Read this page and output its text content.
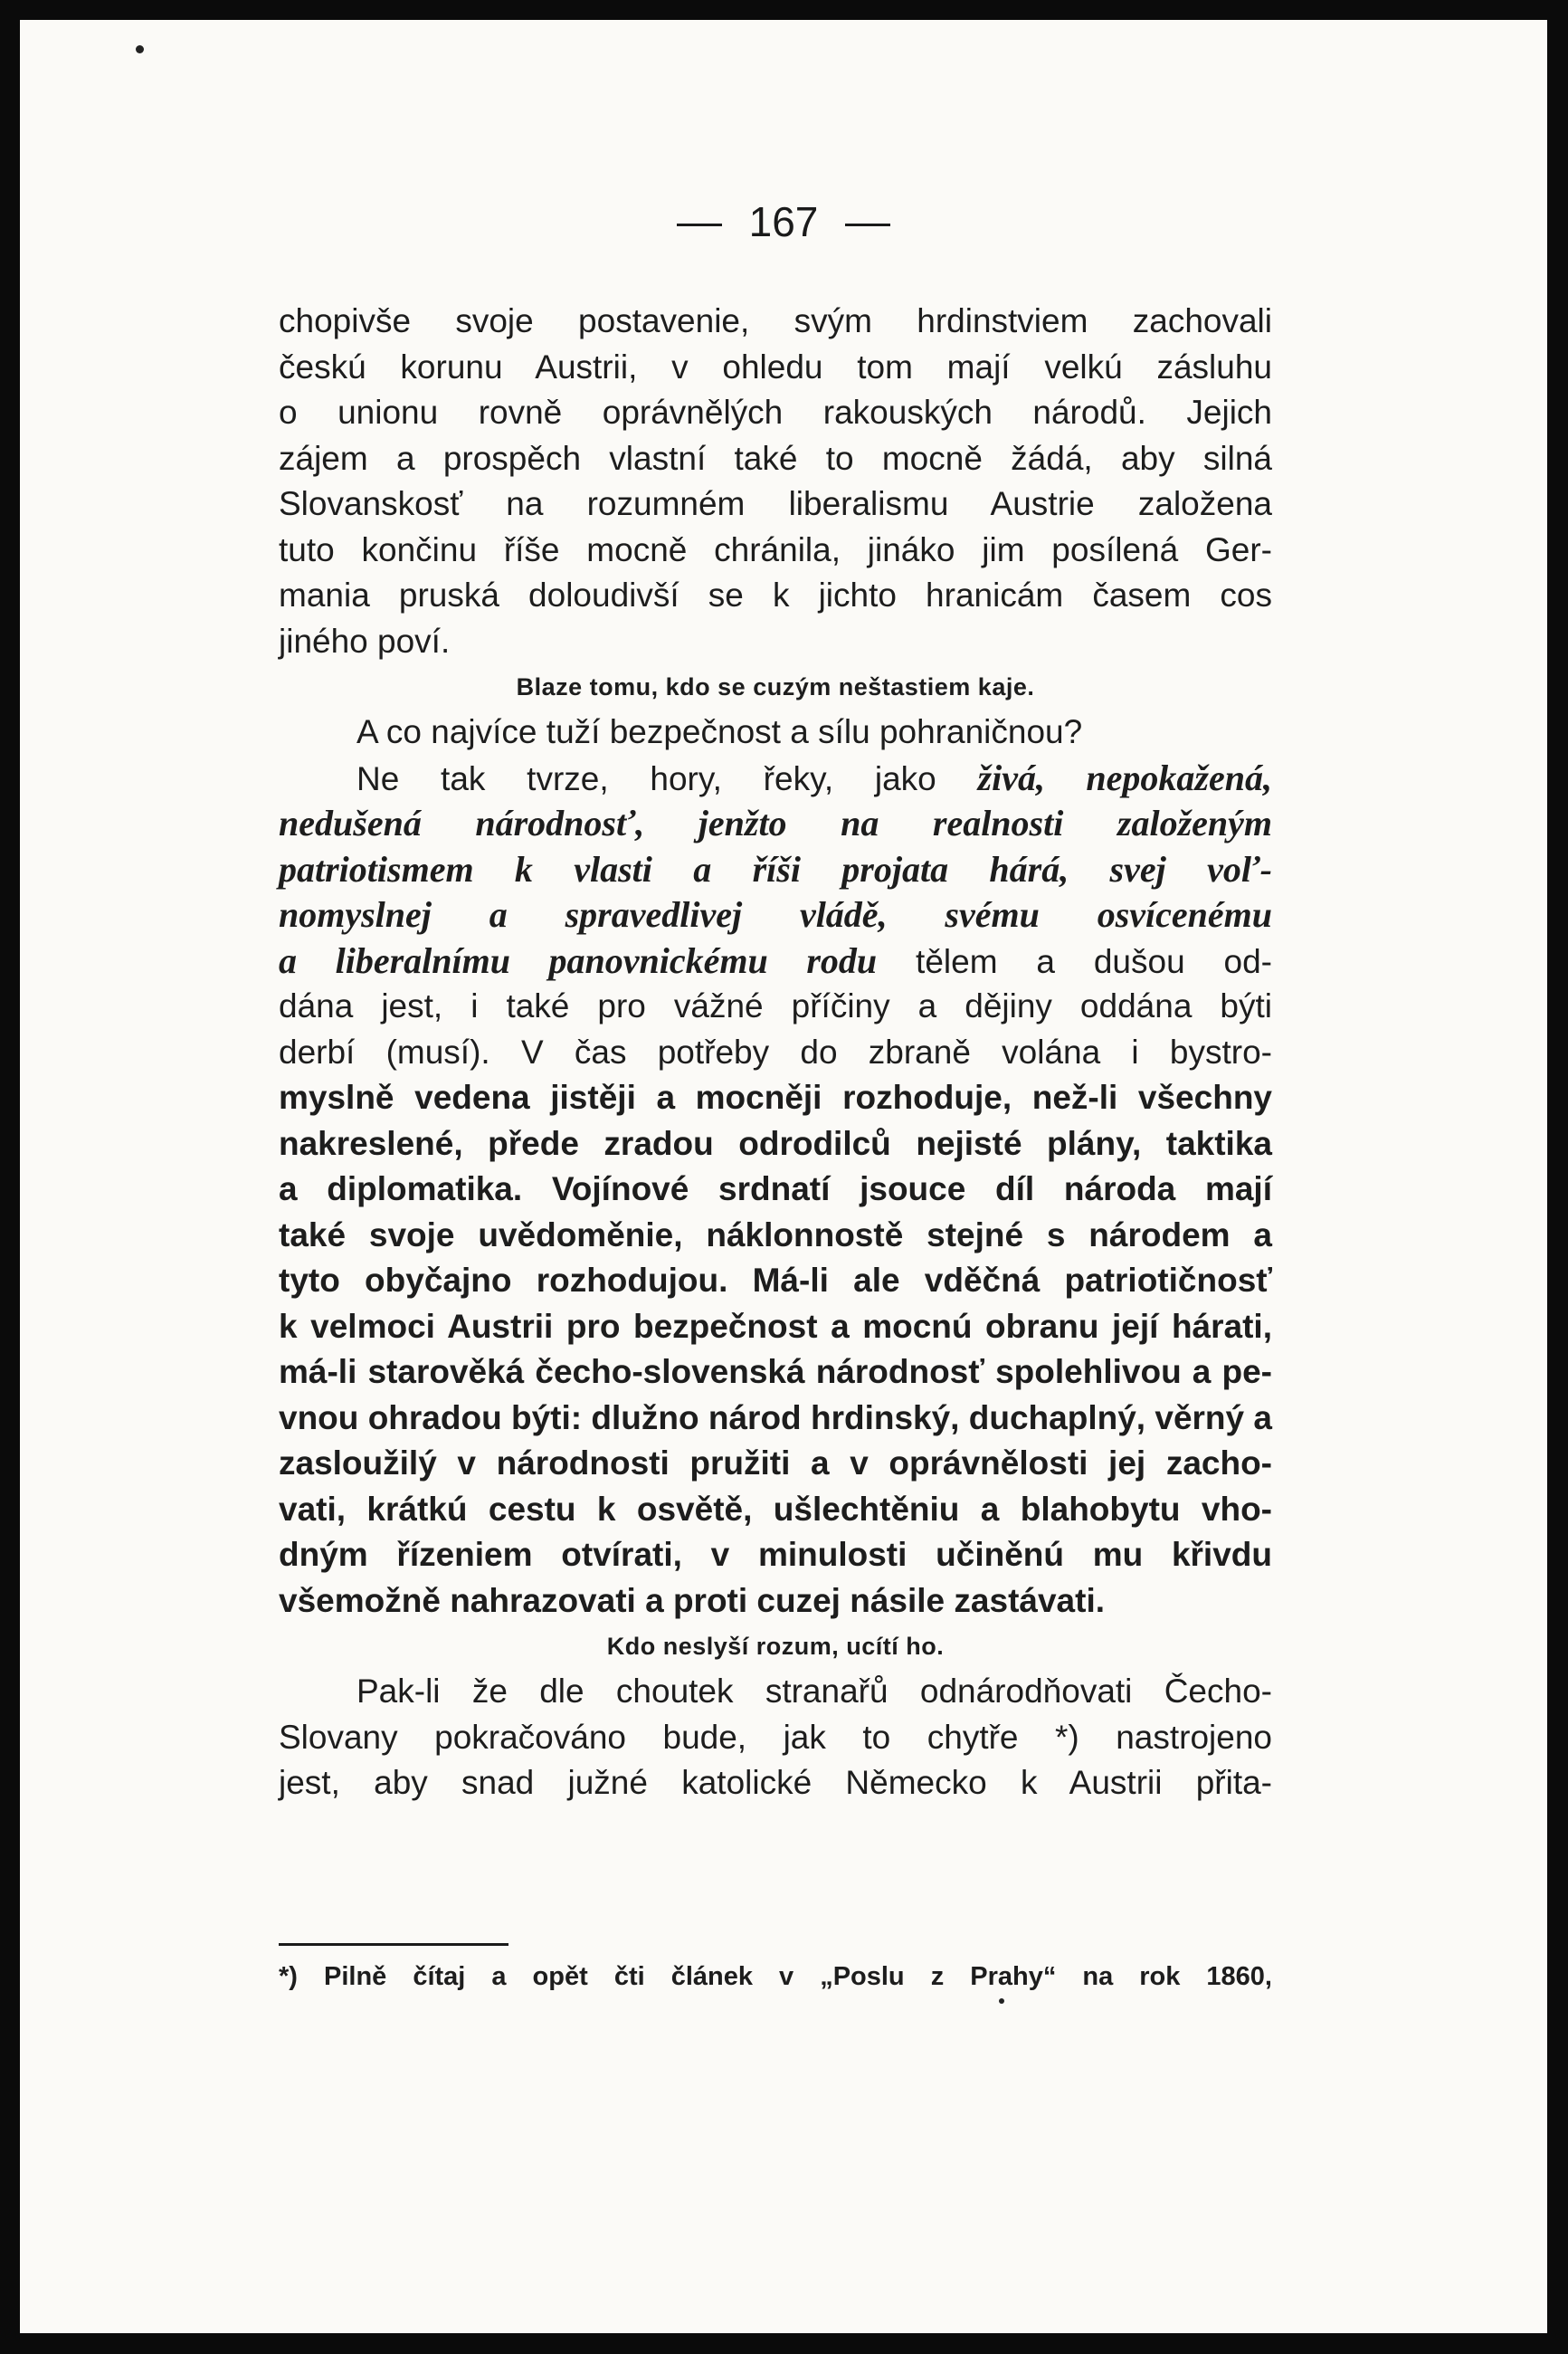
167
chopivše svoje postavenie, svým hrdinstviem zachovali
českú korunu Austrii, v ohledu tom mají velkú zásluhu
o unionu rovně oprávnělých rakouských národů. Jejich
zájem a prospěch vlastní také to mocně žádá, aby silná
Slovanskosť na rozumném liberalismu Austrie založena
tuto končinu říše mocně chránila, jináko jim posílená Ger-
mania pruská doloudivší se k jichto hranicám časem cos
jiného poví.
Blaze tomu, kdo se cuzým neštastiem kaje.
A co najvíce tuží bezpečnost a sílu pohraničnou?
Ne tak tvrze, hory, řeky, jako živá, nepokažená,
nedušená národnosť, jenžto na realnosti založeným
patriotismem k vlasti a říši projata hárá, svej voľ-
nomyslnej a spravedlivej vládě, svému osvícenému
a liberalnímu panovnickému rodu tělem a dušou od-
dána jest, i také pro vážné příčiny a dějiny oddána býti
derbí (musí). V čas potřeby do zbraně volána i bystro-
myslně vedena jistěji a mocněji rozhoduje, než-li všechny
nakreslené, přede zradou odrodilců nejisté plány, taktika
a diplomatika. Vojínové srdnatí jsouce díl národa mají
také svoje uvědoměnie, náklonnostě stejné s národem a
tyto obyčajno rozhodujou. Má-li ale vděčná patriotičnosť
k velmoci Austrii pro bezpečnost a mocnú obranu její hárati,
má-li starověká čecho-slovenská národnosť spolehlivou a pe-
vnou ohradou býti: dlužno národ hrdinský, duchaplný, věrný a
zasloužilý v národnosti pružiti a v oprávnělosti jej zacho-
vati, krátkú cestu k osvětě, ušlechtěniu a blahobytu vho-
dným řízeniem otvírati, v minulosti učiněnú mu křivdu
všemožně nahrazovati a proti cuzej násile zastávati.
Kdo neslyší rozum, ucítí ho.
Pak-li že dle choutek stranařů odnárodňovati Čecho-
Slovany pokračováno bude, jak to chytře *) nastrojeno
jest, aby snad južné katolické Německo k Austrii přita-
*) Pilně čítaj a opět čti článek v „Poslu z Prahy“ na rok 1860,
